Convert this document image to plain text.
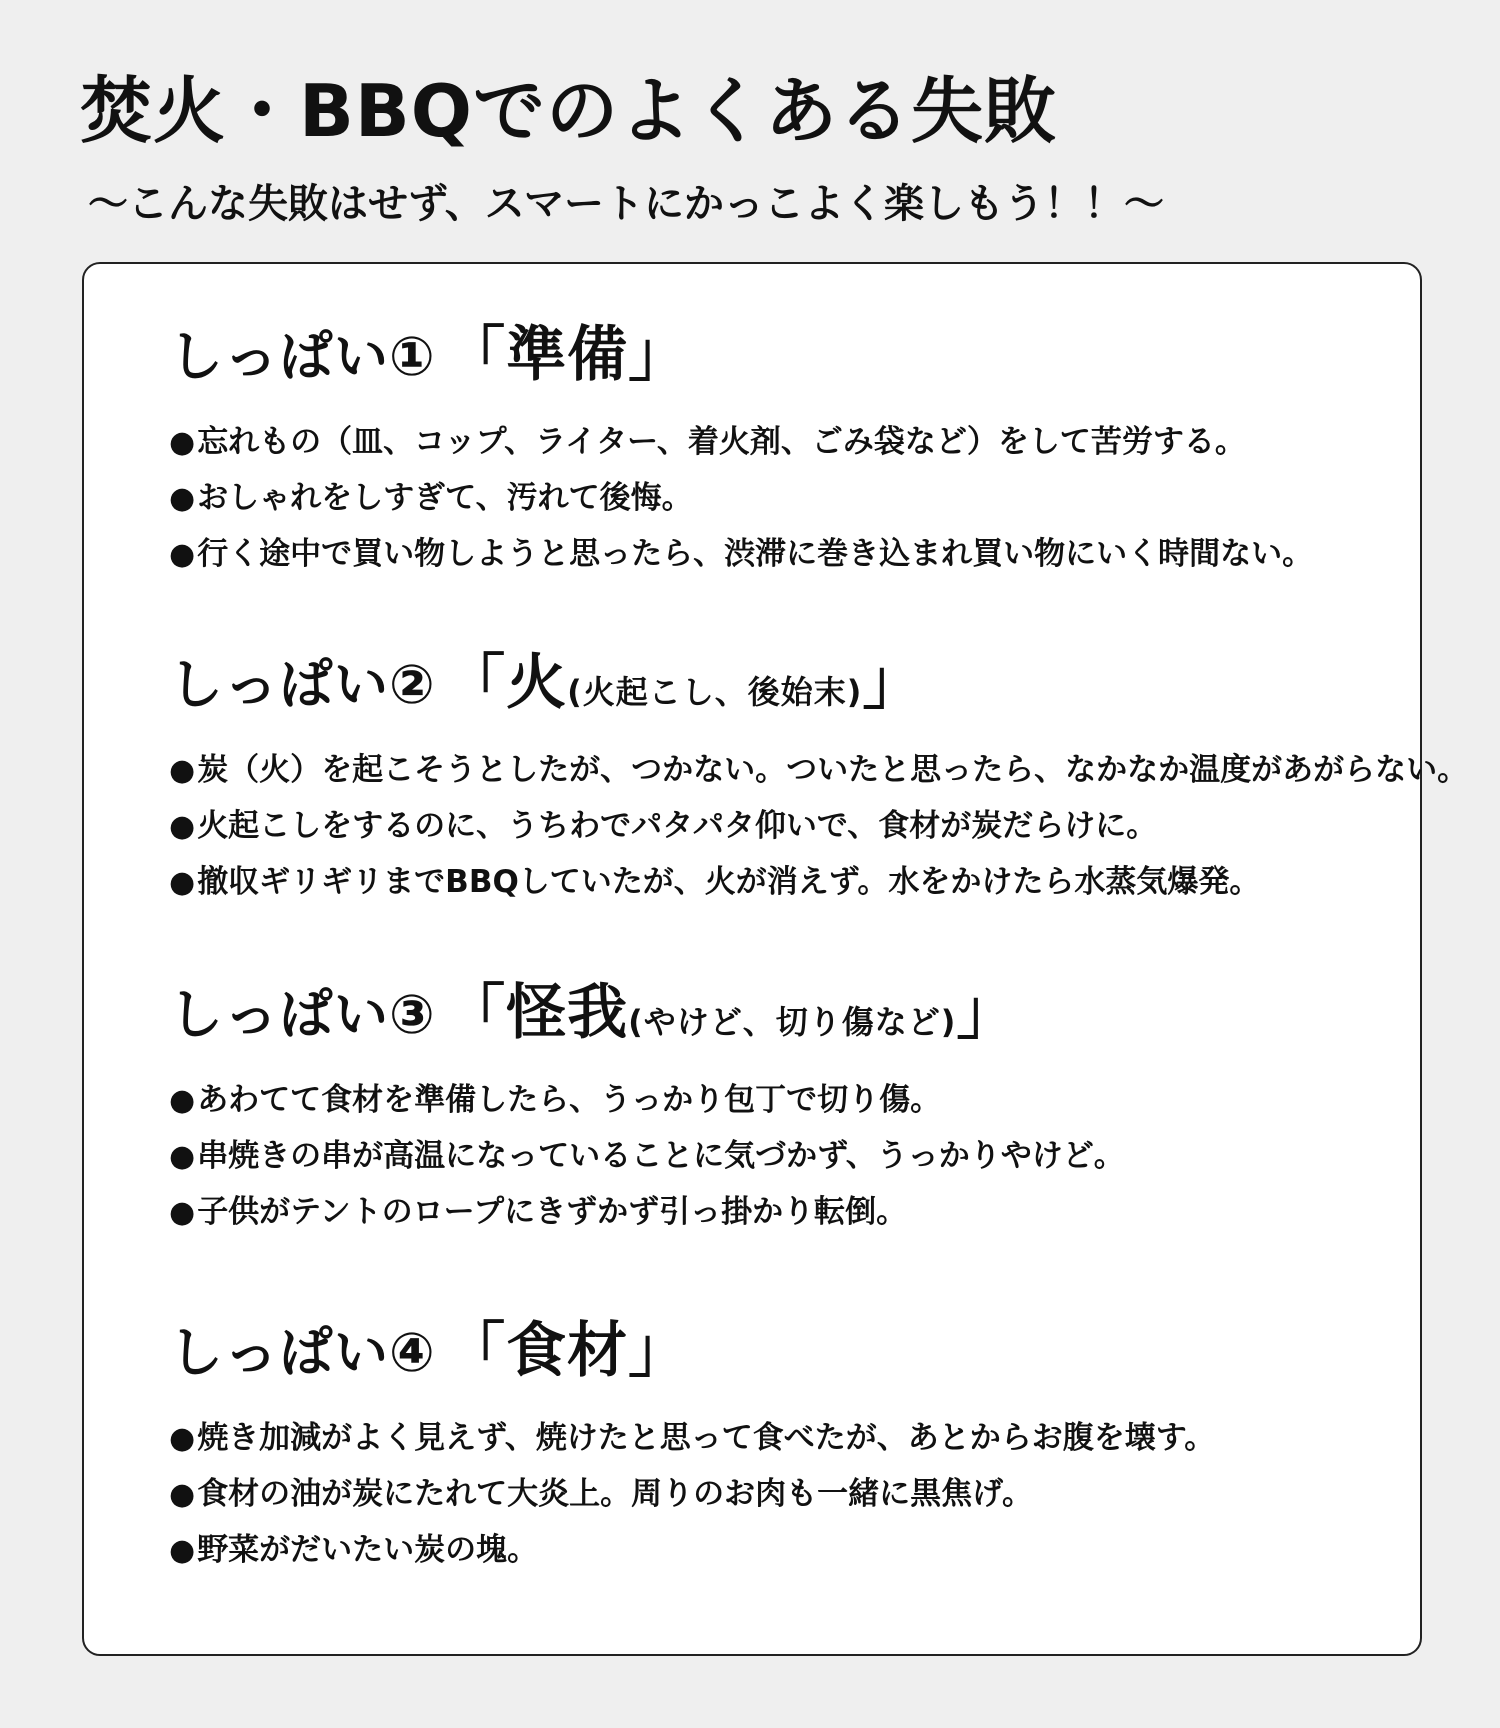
焚火・BBQでのよくある失敗

〜こんな失敗はせず、スマートにかっこよく楽しもう！！〜

しっぱい① 「準備」
●忘れもの（皿、コップ、ライター、着火剤、ごみ袋など）をして苦労する。
●おしゃれをしすぎて、汚れて後悔。
●行く途中で買い物しようと思ったら、渋滞に巻き込まれ買い物にいく時間ない。
しっぱい② 「火(火起こし、後始末)」
●炭（火）を起こそうとしたが、つかない。ついたと思ったら、なかなか温度があがらない。
●火起こしをするのに、うちわでパタパタ仰いで、食材が炭だらけに。
●撤収ギリギリまでBBQしていたが、火が消えず。水をかけたら水蒸気爆発。
しっぱい③ 「怪我(やけど、切り傷など)」
●あわてて食材を準備したら、うっかり包丁で切り傷。
●串焼きの串が高温になっていることに気づかず、うっかりやけど。
●子供がテントのロープにきずかず引っ掛かり転倒。
しっぱい④ 「食材」
●焼き加減がよく見えず、焼けたと思って食べたが、あとからお腹を壊す。
●食材の油が炭にたれて大炎上。周りのお肉も一緒に黒焦げ。
●野菜がだいたい炭の塊。
